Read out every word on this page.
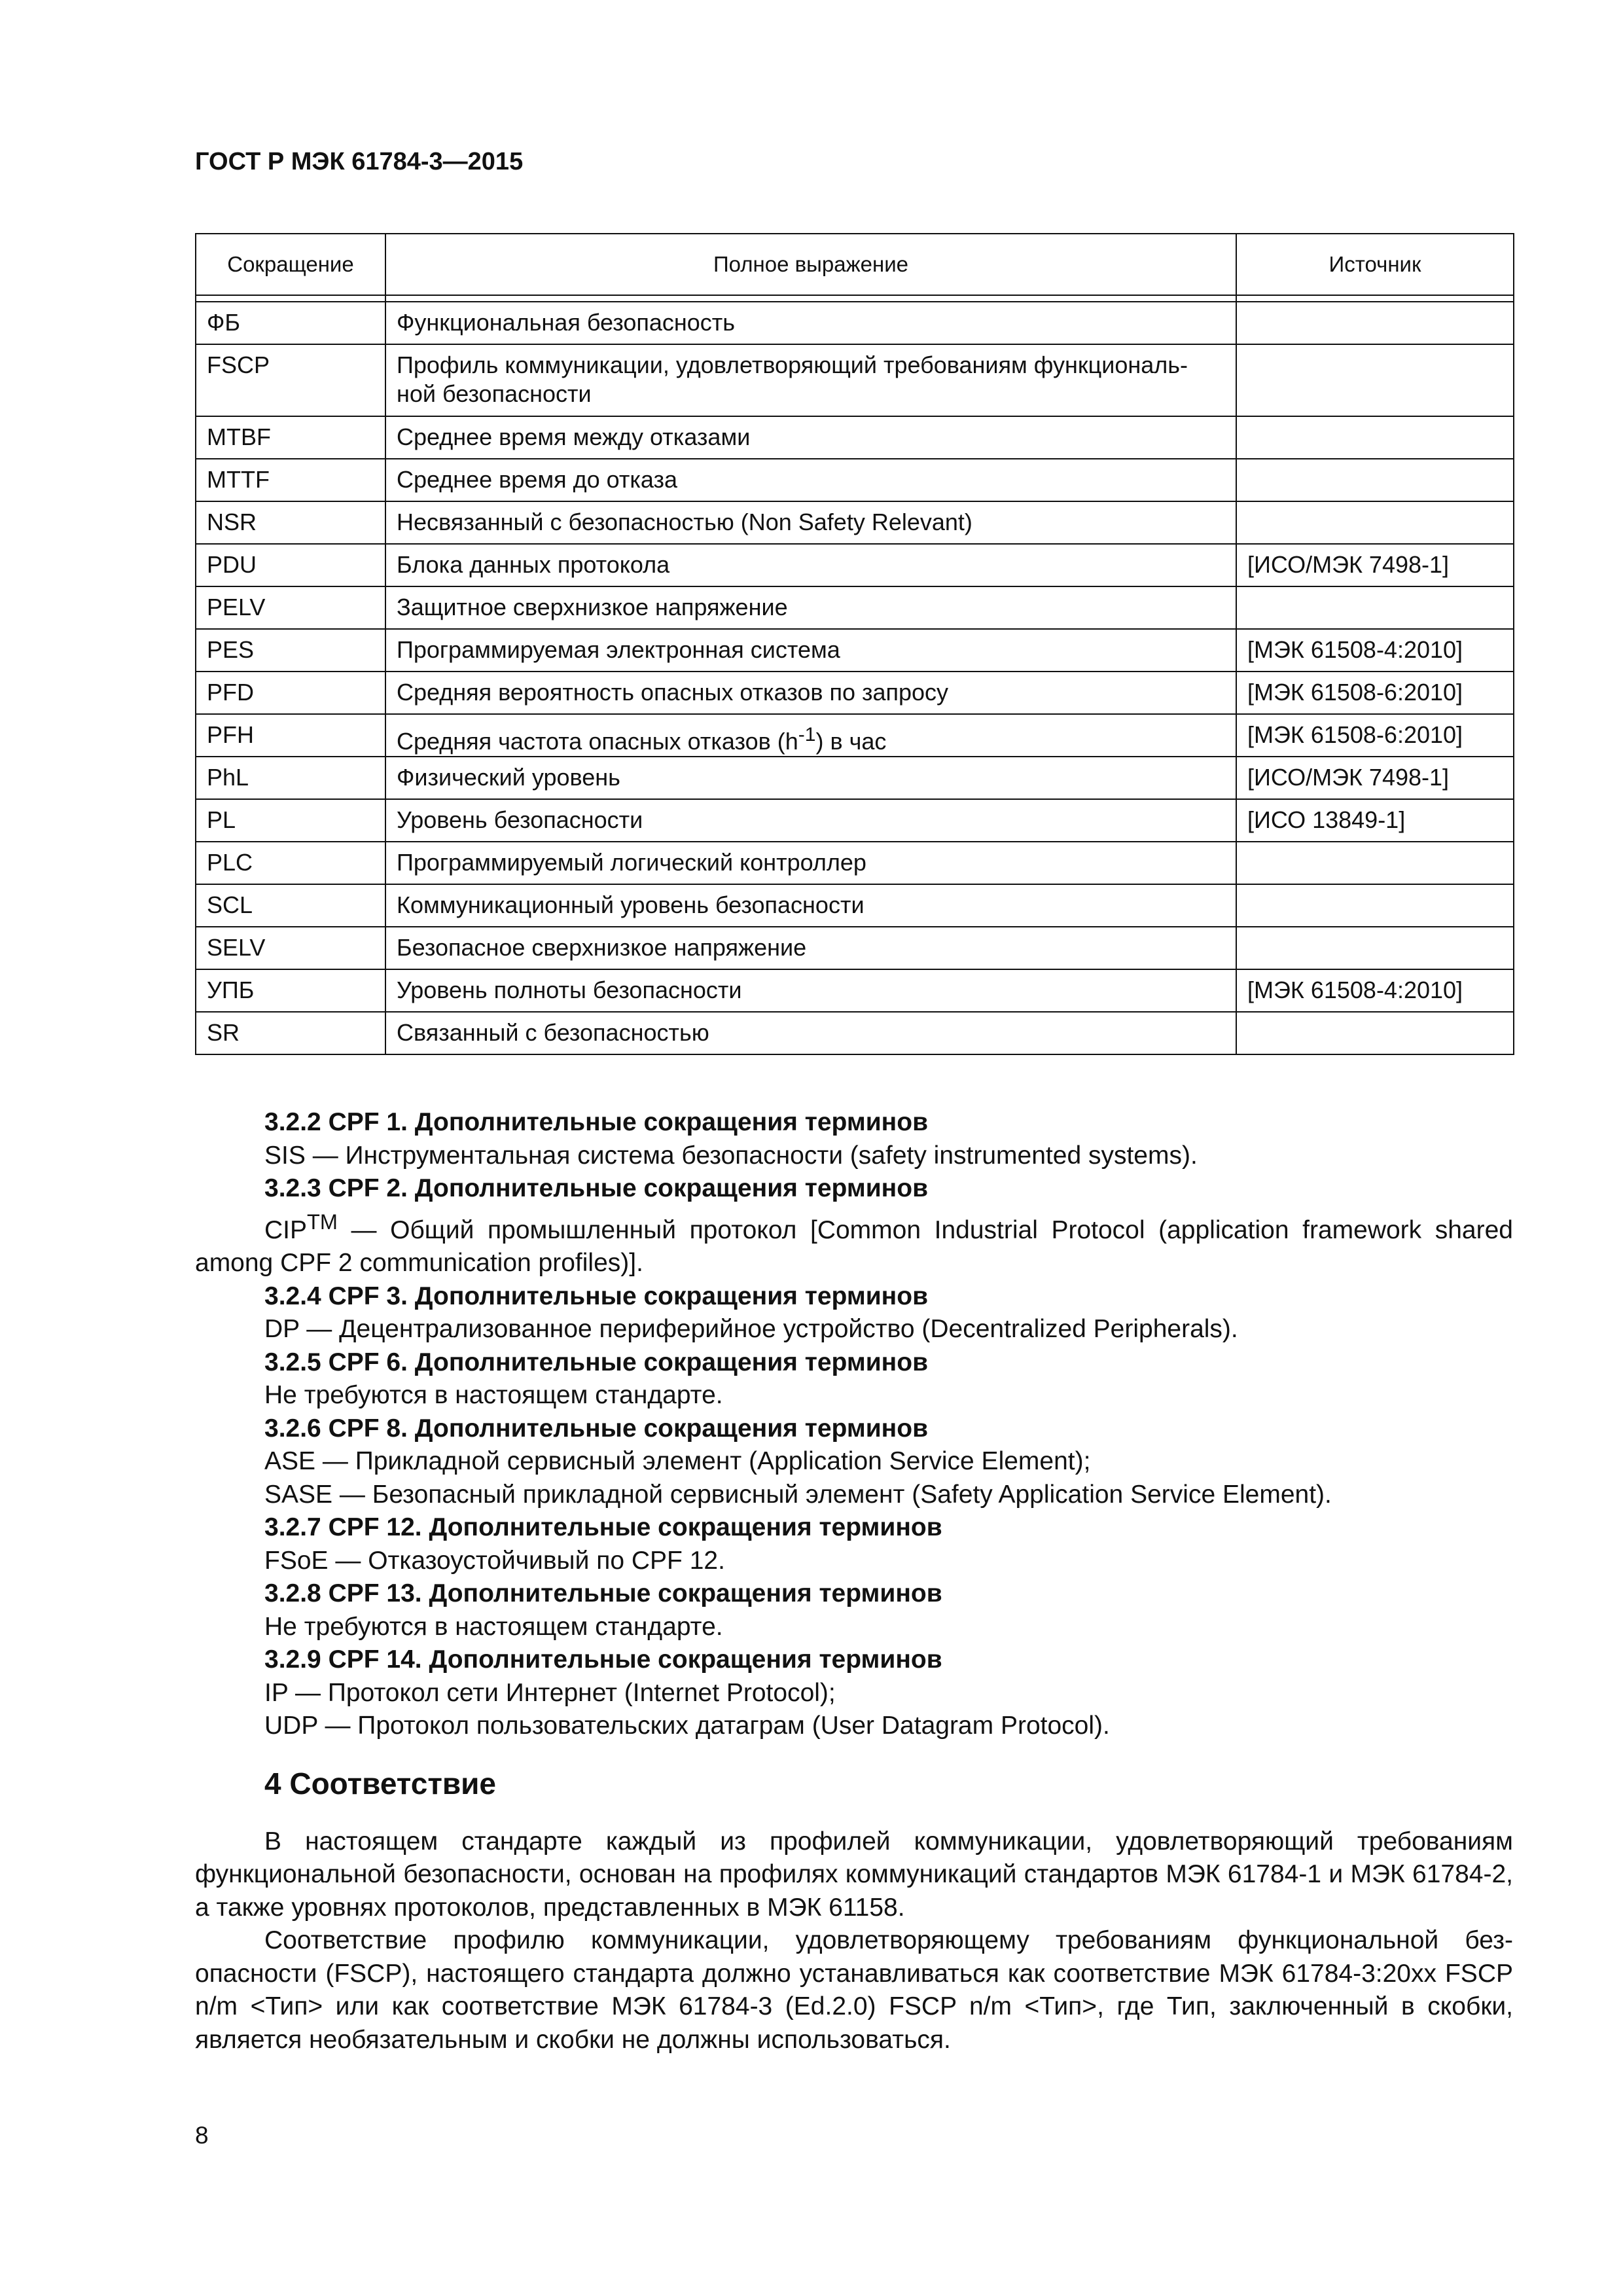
ГОСТ Р МЭК 61784-3—2015

Сокращение	Полное выражение	Источник

ФБ	Функциональная безопасность	
FSCP	Профиль коммуникации, удовлетворяющий требованиям функциональ-ной безопасности	
MTBF	Среднее время между отказами	
MTTF	Среднее время до отказа	
NSR	Несвязанный с безопасностью (Non Safety Relevant)	
PDU	Блока данных протокола	[ИСО/МЭК 7498-1]
PELV	Защитное сверхнизкое напряжение	
PES	Программируемая электронная система	[МЭК 61508-4:2010]
PFD	Средняя вероятность опасных отказов по запросу	[МЭК 61508-6:2010]
PFH	Средняя частота опасных отказов $(h^{-1})$ в час	[МЭК 61508-6:2010]
PhL	Физический уровень	[ИСО/МЭК 7498-1]
PL	Уровень безопасности	[ИСО 13849-1]
PLC	Программируемый логический контроллер	
SCL	Коммуникационный уровень безопасности	
SELV	Безопасное сверхнизкое напряжение	
УПБ	Уровень полноты безопасности	[МЭК 61508-4:2010]
SR	Связанный с безопасностью	

3.2.2 CPF 1. Дополнительные сокращения терминов

SIS — Инструментальная система безопасности (safety instrumented systems).

3.2.3 CPF 2. Дополнительные сокращения терминов

CIP™ — Общий промышленный протокол [Common Industrial Protocol (application framework shared among CPF 2 communication profiles)].

3.2.4 CPF 3. Дополнительные сокращения терминов

DP — Децентрализованное периферийное устройство (Decentralized Peripherals).

3.2.5 CPF 6. Дополнительные сокращения терминов

Не требуются в настоящем стандарте.

3.2.6 CPF 8. Дополнительные сокращения терминов

ASE — Прикладной сервисный элемент (Application Service Element);

SASE — Безопасный прикладной сервисный элемент (Safety Application Service Element).

3.2.7 CPF 12. Дополнительные сокращения терминов

FSoE — Отказоустойчивый по CPF 12.

3.2.8 CPF 13. Дополнительные сокращения терминов

Не требуются в настоящем стандарте.

3.2.9 CPF 14. Дополнительные сокращения терминов

IP — Протокол сети Интернет (Internet Protocol);

UDP — Протокол пользовательских датаграм (User Datagram Protocol).

4 Соответствие

В настоящем стандарте каждый из профилей коммуникации, удовлетворяющий требованиям функциональной безопасности, основан на профилях коммуникаций стандартов МЭК 61784-1 и МЭК 61784-2, а также уровнях протоколов, представленных в МЭК 61158.

Соответствие профилю коммуникации, удовлетворяющему требованиям функциональной без-опасности (FSCP), настоящего стандарта должно устанавливаться как соответствие МЭК 61784-3:20xx FSCP n/m <Тип> или как соответствие МЭК 61784-3 (Ed.2.0) FSCP n/m <Тип>, где Тип, заключенный в скобки, является необязательным и скобки не должны использоваться.

8
